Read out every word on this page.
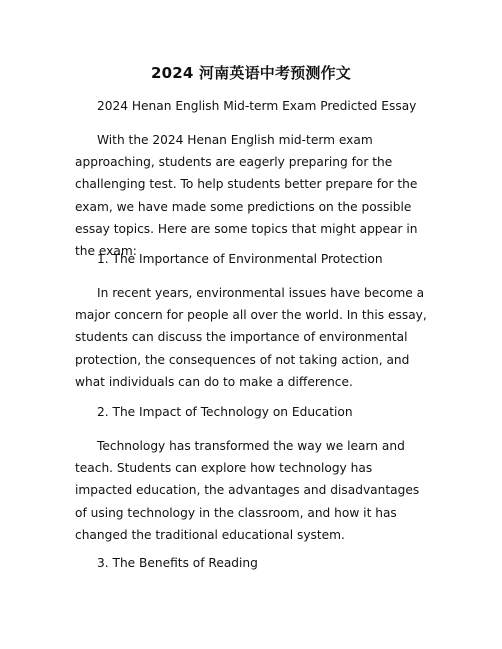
2024 河南英语中考预测作文

2024 Henan English Mid-term Exam Predicted Essay

With the 2024 Henan English mid-term exam approaching, students are eagerly preparing for the challenging test. To help students better prepare for the exam, we have made some predictions on the possible essay topics. Here are some topics that might appear in the exam:

1. The Importance of Environmental Protection

In recent years, environmental issues have become a major concern for people all over the world. In this essay, students can discuss the importance of environmental protection, the consequences of not taking action, and what individuals can do to make a difference.

2. The Impact of Technology on Education

Technology has transformed the way we learn and teach. Students can explore how technology has impacted education, the advantages and disadvantages of using technology in the classroom, and how it has changed the traditional educational system.

3. The Benefits of Reading
